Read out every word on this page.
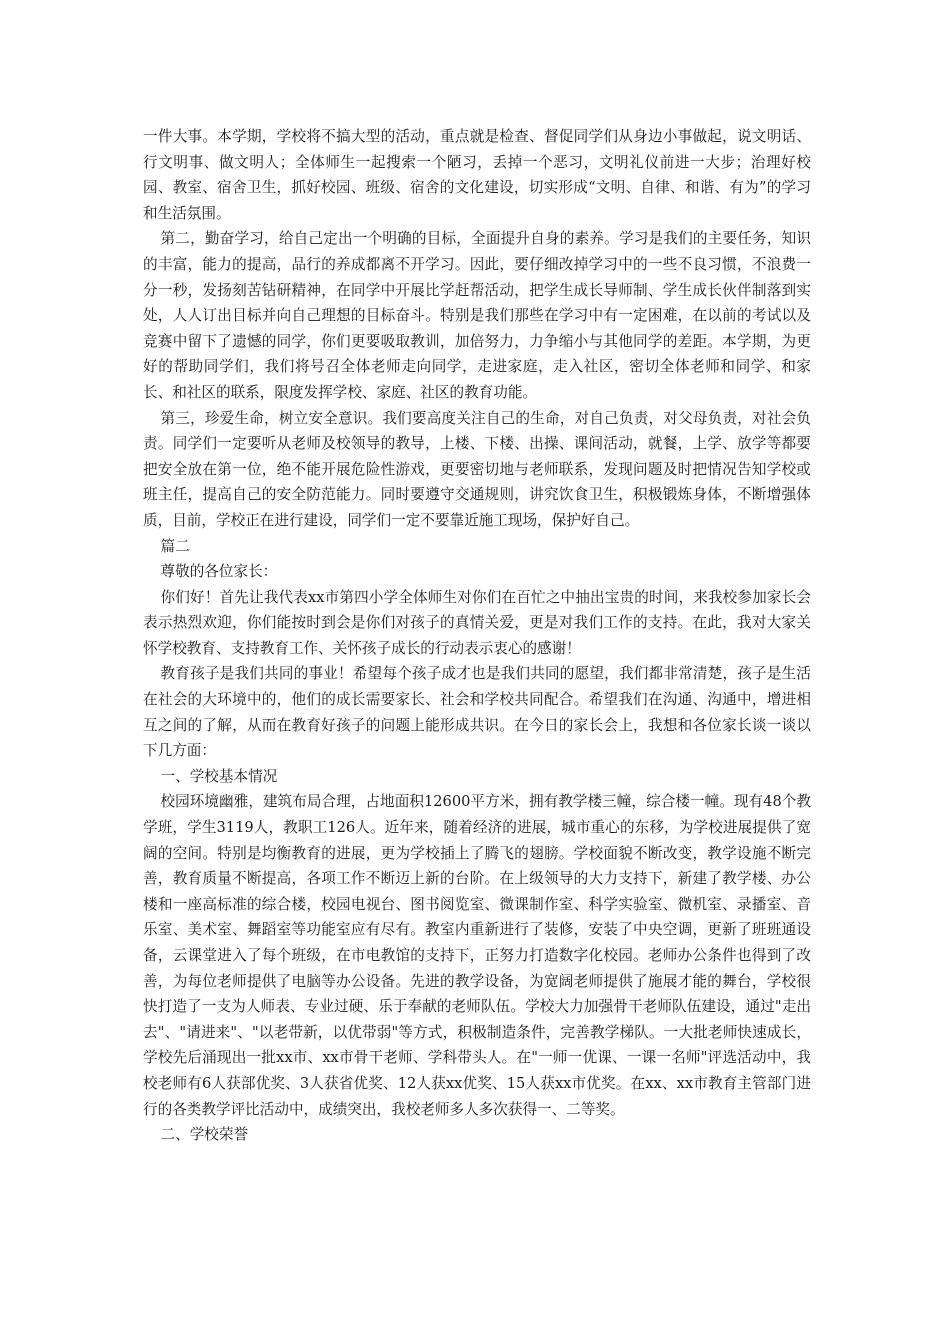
一件大事。本学期，学校将不搞大型的活动，重点就是检查、督促同学们从身边小事做起，说文明话、行文明事、做文明人；全体师生一起搜索一个陋习，丢掉一个恶习，文明礼仪前进一大步；治理好校园、教室、宿舍卫生，抓好校园、班级、宿舍的文化建设，切实形成“文明、自律、和谐、有为”的学习和生活氛围。

第二，勤奋学习，给自己定出一个明确的目标，全面提升自身的素养。学习是我们的主要任务，知识的丰富，能力的提高，品行的养成都离不开学习。因此，要仔细改掉学习中的一些不良习惯，不浪费一分一秒，发扬刻苦钻研精神，在同学中开展比学赶帮活动，把学生成长导师制、学生成长伙伴制落到实处，人人订出目标并向自己理想的目标奋斗。特别是我们那些在学习中有一定困难，在以前的考试以及竞赛中留下了遗憾的同学，你们更要吸取教训，加倍努力，力争缩小与其他同学的差距。本学期，为更好的帮助同学们，我们将号召全体老师走向同学，走进家庭，走入社区，密切全体老师和同学、和家长、和社区的联系，限度发挥学校、家庭、社区的教育功能。

第三，珍爱生命，树立安全意识。我们要高度关注自己的生命，对自己负责，对父母负责，对社会负责。同学们一定要听从老师及校领导的教导，上楼、下楼、出操、课间活动，就餐，上学、放学等都要把安全放在第一位，绝不能开展危险性游戏，更要密切地与老师联系，发现问题及时把情况告知学校或班主任，提高自己的安全防范能力。同时要遵守交通规则，讲究饮食卫生，积极锻炼身体，不断增强体质，目前，学校正在进行建设，同学们一定不要靠近施工现场，保护好自己。

篇二

尊敬的各位家长：

你们好！首先让我代表xx市第四小学全体师生对你们在百忙之中抽出宝贵的时间，来我校参加家长会表示热烈欢迎，你们能按时到会是你们对孩子的真情关爱，更是对我们工作的支持。在此，我对大家关怀学校教育、支持教育工作、关怀孩子成长的行动表示衷心的感谢！

教育孩子是我们共同的事业！希望每个孩子成才也是我们共同的愿望，我们都非常清楚，孩子是生活在社会的大环境中的，他们的成长需要家长、社会和学校共同配合。希望我们在沟通、沟通中，增进相互之间的了解，从而在教育好孩子的问题上能形成共识。在今日的家长会上，我想和各位家长谈一谈以下几方面：

一、学校基本情况

校园环境幽雅，建筑布局合理，占地面积12600平方米，拥有教学楼三幢，综合楼一幢。现有48个教学班，学生3119人，教职工126人。近年来，随着经济的进展，城市重心的东移，为学校进展提供了宽阔的空间。特别是均衡教育的进展，更为学校插上了腾飞的翅膀。学校面貌不断改变，教学设施不断完善，教育质量不断提高，各项工作不断迈上新的台阶。在上级领导的大力支持下，新建了教学楼、办公楼和一座高标准的综合楼，校园电视台、图书阅览室、微课制作室、科学实验室、微机室、录播室、音乐室、美术室、舞蹈室等功能室应有尽有。教室内重新进行了装修，安装了中央空调，更新了班班通设备，云课堂进入了每个班级，在市电教馆的支持下，正努力打造数字化校园。老师办公条件也得到了改善，为每位老师提供了电脑等办公设备。先进的教学设备，为宽阔老师提供了施展才能的舞台，学校很快打造了一支为人师表、专业过硬、乐于奉献的老师队伍。学校大力加强骨干老师队伍建设，通过"走出去"、"请进来"、"以老带新，以优带弱"等方式，积极制造条件，完善教学梯队。一大批老师快速成长，学校先后涌现出一批xx市、xx市骨干老师、学科带头人。在"一师一优课、一课一名师"评选活动中，我校老师有6人获部优奖、3人获省优奖、12人获xx优奖、15人获xx市优奖。在xx、xx市教育主管部门进行的各类教学评比活动中，成绩突出，我校老师多人多次获得一、二等奖。

二、学校荣誉
